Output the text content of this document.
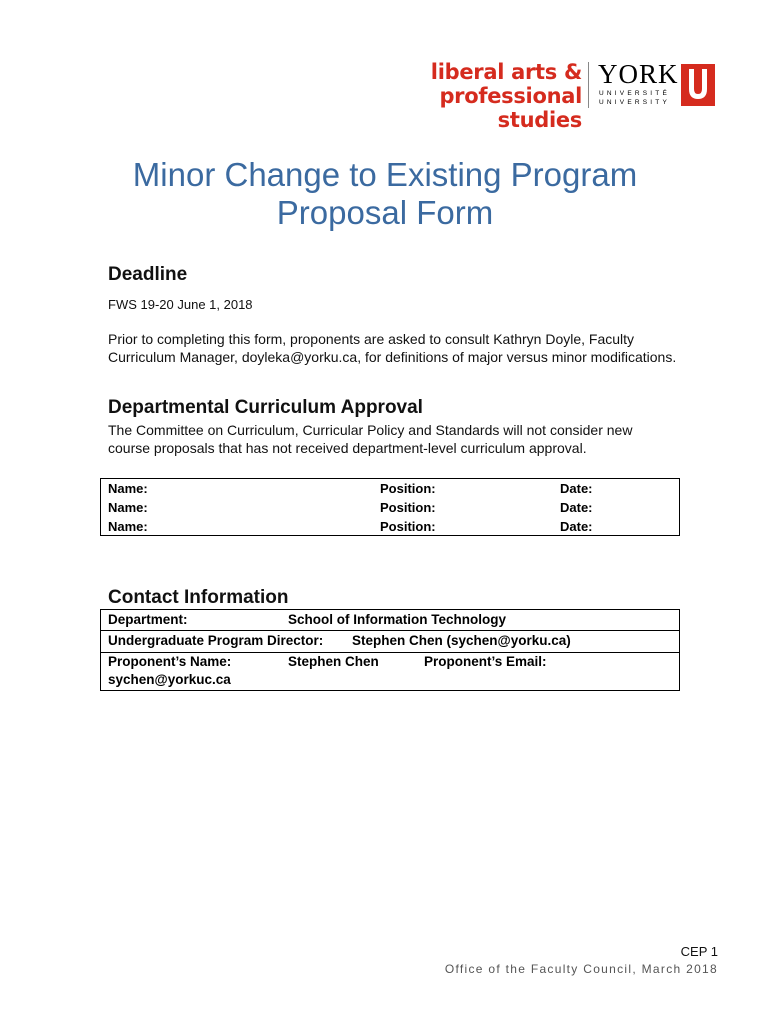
liberal arts &
professional studies
YORK
UNIVERSITÉ
UNIVERSITY
Minor Change to Existing Program
Proposal Form
Deadline

FWS 19-20 June 1, 2018

Prior to completing this form, proponents are asked to consult Kathryn Doyle, Faculty

Curriculum Manager, doyleka@yorku.ca, for definitions of major versus minor modifications.

Departmental Curriculum Approval

The Committee on Curriculum, Curricular Policy and Standards will not consider new

course proposals that has not received department-level curriculum approval.

Name:	Position:	Date:
Name:	Position:	Date:
Name:	Position:	Date:
Contact Information
Department:	School of Information Technology
Undergraduate Program Director: Stephen Chen (sychen@yorku.ca)
Proponent’s Name:	Stephen Chen	Proponent’s Email:
sychen@yorkuc.ca
CEP 1
Office of the Faculty Council, March 2018
